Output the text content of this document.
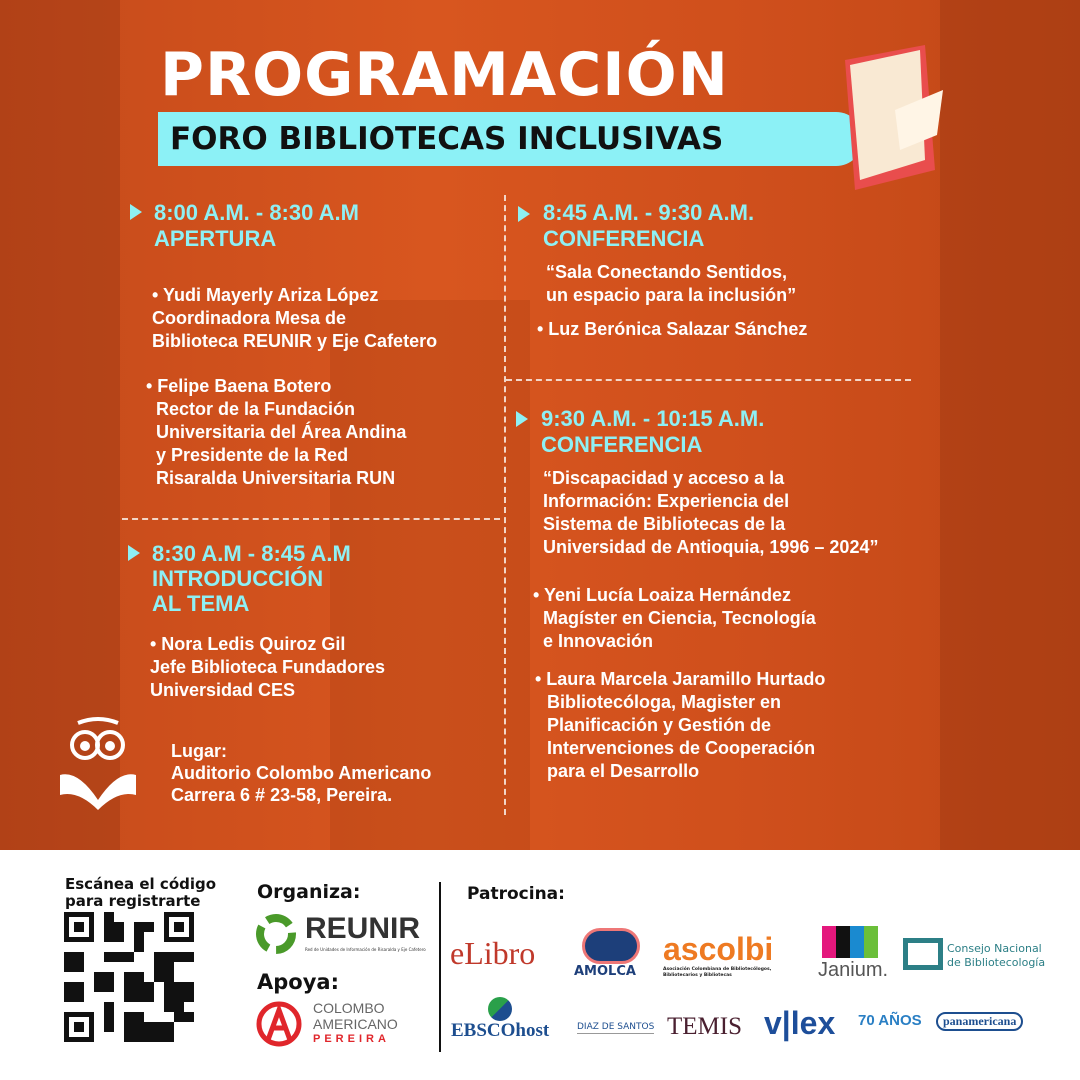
PROGRAMACIÓN
FORO BIBLIOTECAS INCLUSIVAS
8:00 A.M. - 8:30 A.M
APERTURA
• Yudi Mayerly Ariza López
Coordinadora Mesa de
Biblioteca REUNIR y Eje Cafetero
• Felipe Baena Botero
Rector de la Fundación
Universitaria del Área Andina
y Presidente de la Red
Risaralda Universitaria RUN
8:30 A.M - 8:45 A.M
INTRODUCCIÓN
AL TEMA
• Nora Ledis Quiroz Gil
Jefe Biblioteca Fundadores
Universidad CES
Lugar:
Auditorio Colombo Americano
Carrera 6 # 23-58, Pereira.
8:45 A.M. - 9:30 A.M.
CONFERENCIA
“Sala Conectando Sentidos,
un espacio para la inclusión”
• Luz Berónica Salazar Sánchez
9:30 A.M. - 10:15 A.M.
CONFERENCIA
“Discapacidad y acceso a la
Información: Experiencia del
Sistema de Bibliotecas de la
Universidad de Antioquia, 1996 – 2024”
• Yeni Lucía Loaiza Hernández
Magíster en Ciencia, Tecnología
e Innovación
• Laura Marcela Jaramillo Hurtado
Bibliotecóloga, Magister en
Planificación y Gestión de
Intervenciones de Cooperación
para el Desarrollo
Escánea el código
para registrarte	Organiza:
REUNIR
Red de Unidades de Información de Risaralda y Eje Cafetero
Apoya:
COLOMBO
AMERICANO
PEREIRA
Patrocina:
eLibro
AMOLCA
ascolbi
Asociación Colombiana de Bibliotecólogos, Bibliotecarios y Bibliotecas	Janium.
Consejo Nacional
de Bibliotecología
EBSCOhost	DIAZ DE SANTOS TEMIS v|lex 70 AÑOS	panamericana
